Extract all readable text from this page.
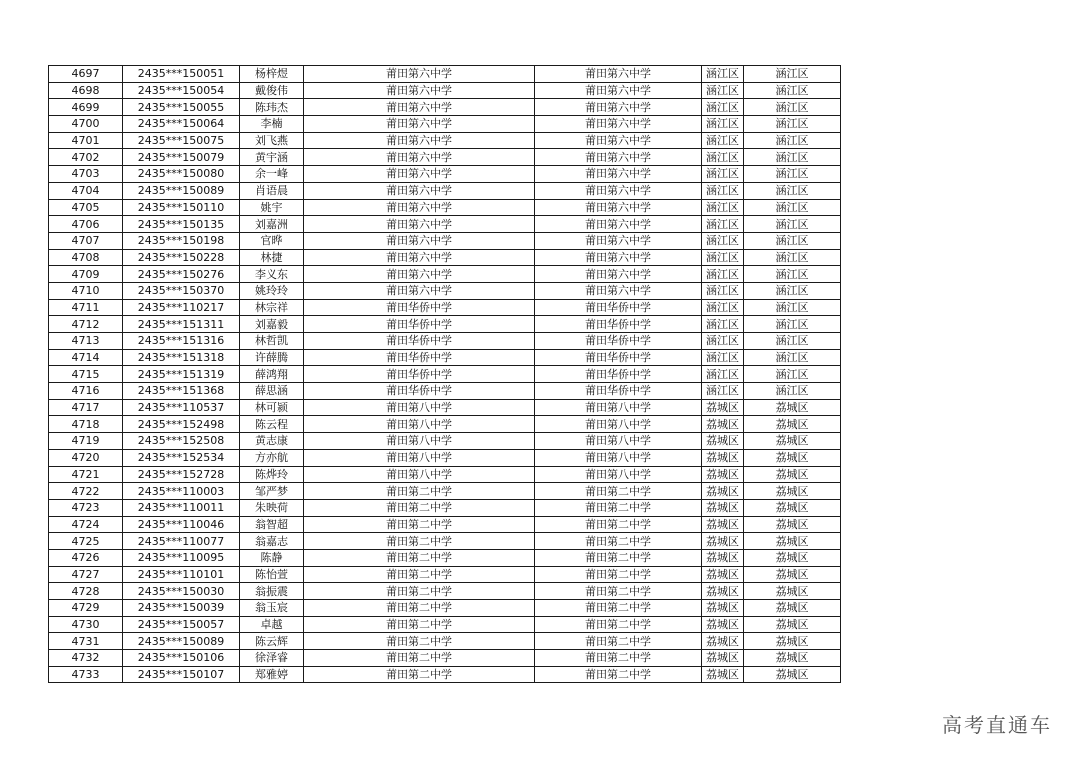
4697	2435***150051	杨梓煜	莆田第六中学	莆田第六中学	涵江区	涵江区
4698	2435***150054	戴俊伟	莆田第六中学	莆田第六中学	涵江区	涵江区
4699	2435***150055	陈玮杰	莆田第六中学	莆田第六中学	涵江区	涵江区
4700	2435***150064	李楠	莆田第六中学	莆田第六中学	涵江区	涵江区
4701	2435***150075	刘飞燕	莆田第六中学	莆田第六中学	涵江区	涵江区
4702	2435***150079	黄宇涵	莆田第六中学	莆田第六中学	涵江区	涵江区
4703	2435***150080	余一峰	莆田第六中学	莆田第六中学	涵江区	涵江区
4704	2435***150089	肖语晨	莆田第六中学	莆田第六中学	涵江区	涵江区
4705	2435***150110	姚宇	莆田第六中学	莆田第六中学	涵江区	涵江区
4706	2435***150135	刘嘉洲	莆田第六中学	莆田第六中学	涵江区	涵江区
4707	2435***150198	官晔	莆田第六中学	莆田第六中学	涵江区	涵江区
4708	2435***150228	林捷	莆田第六中学	莆田第六中学	涵江区	涵江区
4709	2435***150276	李义东	莆田第六中学	莆田第六中学	涵江区	涵江区
4710	2435***150370	姚玲玲	莆田第六中学	莆田第六中学	涵江区	涵江区
4711	2435***110217	林宗祥	莆田华侨中学	莆田华侨中学	涵江区	涵江区
4712	2435***151311	刘嘉毅	莆田华侨中学	莆田华侨中学	涵江区	涵江区
4713	2435***151316	林哲凯	莆田华侨中学	莆田华侨中学	涵江区	涵江区
4714	2435***151318	许薛腾	莆田华侨中学	莆田华侨中学	涵江区	涵江区
4715	2435***151319	薛鸿翔	莆田华侨中学	莆田华侨中学	涵江区	涵江区
4716	2435***151368	薛思涵	莆田华侨中学	莆田华侨中学	涵江区	涵江区
4717	2435***110537	林可颍	莆田第八中学	莆田第八中学	荔城区	荔城区
4718	2435***152498	陈云程	莆田第八中学	莆田第八中学	荔城区	荔城区
4719	2435***152508	黄志康	莆田第八中学	莆田第八中学	荔城区	荔城区
4720	2435***152534	方亦航	莆田第八中学	莆田第八中学	荔城区	荔城区
4721	2435***152728	陈烨玲	莆田第八中学	莆田第八中学	荔城区	荔城区
4722	2435***110003	邹严梦	莆田第二中学	莆田第二中学	荔城区	荔城区
4723	2435***110011	朱映荷	莆田第二中学	莆田第二中学	荔城区	荔城区
4724	2435***110046	翁智超	莆田第二中学	莆田第二中学	荔城区	荔城区
4725	2435***110077	翁嘉志	莆田第二中学	莆田第二中学	荔城区	荔城区
4726	2435***110095	陈静	莆田第二中学	莆田第二中学	荔城区	荔城区
4727	2435***110101	陈怡萱	莆田第二中学	莆田第二中学	荔城区	荔城区
4728	2435***150030	翁振震	莆田第二中学	莆田第二中学	荔城区	荔城区
4729	2435***150039	翁玉宸	莆田第二中学	莆田第二中学	荔城区	荔城区
4730	2435***150057	卓越	莆田第二中学	莆田第二中学	荔城区	荔城区
4731	2435***150089	陈云辉	莆田第二中学	莆田第二中学	荔城区	荔城区
4732	2435***150106	徐泽睿	莆田第二中学	莆田第二中学	荔城区	荔城区
4733	2435***150107	郑雅婷	莆田第二中学	莆田第二中学	荔城区	荔城区
高考直通车
